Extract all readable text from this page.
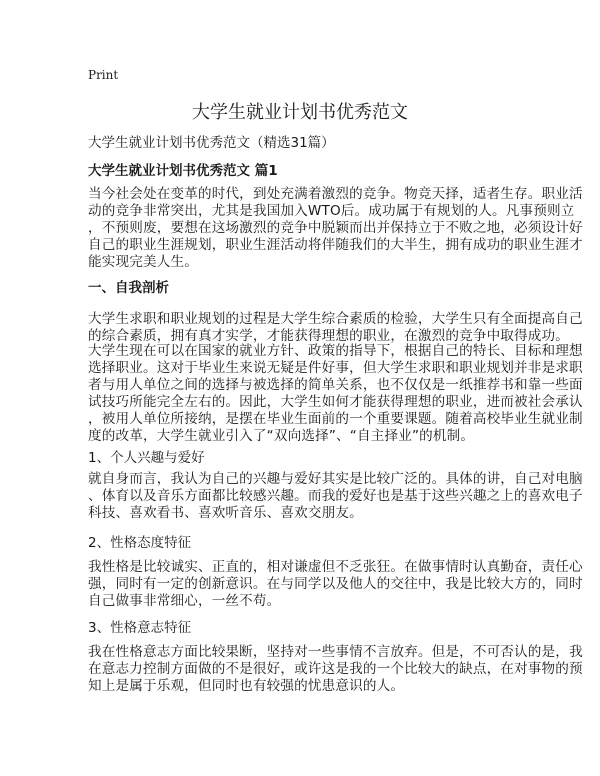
Print
大学生就业计划书优秀范文
大学生就业计划书优秀范文（精选31篇）
大学生就业计划书优秀范文 篇1
当今社会处在变革的时代，到处充满着激烈的竞争。物竞天择，适者生存。职业活
动的竞争非常突出，尤其是我国加入WTO后。成功属于有规划的人。凡事预则立
，不预则废，要想在这场激烈的竞争中脱颖而出并保持立于不败之地，必须设计好
自己的职业生涯规划，职业生涯活动将伴随我们的大半生，拥有成功的职业生涯才
能实现完美人生。
一、自我剖析
大学生求职和职业规划的过程是大学生综合素质的检验，大学生只有全面提高自己
的综合素质，拥有真才实学，才能获得理想的职业，在激烈的竞争中取得成功。
大学生现在可以在国家的就业方针、政策的指导下，根据自己的特长、目标和理想
选择职业。这对于毕业生来说无疑是件好事，但大学生求职和职业规划并非是求职
者与用人单位之间的选择与被选择的简单关系，也不仅仅是一纸推荐书和靠一些面
试技巧所能完全左右的。因此，大学生如何才能获得理想的职业，进而被社会承认
，被用人单位所接纳，是摆在毕业生面前的一个重要课题。随着高校毕业生就业制
度的改革，大学生就业引入了“双向选择”、“自主择业”的机制。
1、个人兴趣与爱好
就自身而言，我认为自己的兴趣与爱好其实是比较广泛的。具体的讲，自己对电脑
、体育以及音乐方面都比较感兴趣。而我的爱好也是基于这些兴趣之上的喜欢电子
科技、喜欢看书、喜欢听音乐、喜欢交朋友。
2、性格态度特征
我性格是比较诚实、正直的，相对谦虚但不乏张狂。在做事情时认真勤奋，责任心
强，同时有一定的创新意识。在与同学以及他人的交往中，我是比较大方的，同时
自己做事非常细心，一丝不苟。
3、性格意志特征
我在性格意志方面比较果断，坚持对一些事情不言放弃。但是，不可否认的是，我
在意志力控制方面做的不是很好，或许这是我的一个比较大的缺点，在对事物的预
知上是属于乐观，但同时也有较强的忧患意识的人。
